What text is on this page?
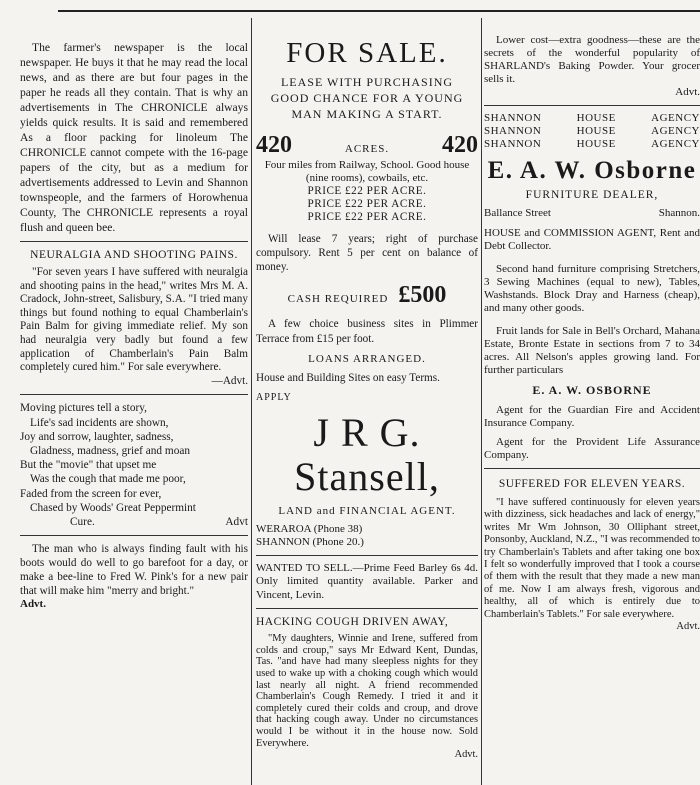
The farmer's newspaper is the local newspaper. He buys it that he may read the local news, and as there are but four pages in the paper he reads all they contain. That is why an advertisements in The CHRONICLE always yields quick results. It is said and remembered As a floor packing for linoleum The CHRONICLE cannot compete with the 16-page papers of the city, but as a medium for advertisements addressed to Levin and Shannon townspeople, and the farmers of Horowhenua County, The CHRONICLE represents a royal flush and queen bee.

NEURALGIA AND SHOOTING PAINS.

"For seven years I have suffered with neuralgia and shooting pains in the head," writes Mrs M. A. Cradock, John-street, Salisbury, S.A. "I tried many things but found nothing to equal Chamberlain's Pain Balm for giving immediate relief. My son had neuralgia very badly but found a few application of Chamberlain's Pain Balm completely cured him." For sale everywhere.

—Advt.

Moving pictures tell a story,

Life's sad incidents are shown,

Joy and sorrow, laughter, sadness,

Gladness, madness, grief and moan

But the "movie" that upset me

Was the cough that made me poor,

Faded from the screen for ever,

Chased by Woods' Great Peppermint

Cure.	Advt

The man who is always finding fault with his boots would do well to go barefoot for a day, or make a bee-line to Fred W. Pink's for a new pair that will make him "merry and bright."

Advt.

FOR SALE.

LEASE WITH PURCHASING

GOOD CHANCE FOR A YOUNG

MAN MAKING A START.

420	ACRES. 420

Four miles from Railway, School. Good house (nine rooms), cowbails, etc.

PRICE £22 PER ACRE.

PRICE £22 PER ACRE.

PRICE £22 PER ACRE.

Will lease 7 years; right of purchase compulsory. Rent 5 per cent on balance of money.

CASH REQUIRED £500

A few choice business sites in Plimmer Terrace from £15 per foot.

LOANS ARRANGED.

House and Building Sites on easy Terms.

APPLY

J R G. Stansell,

LAND and FINANCIAL AGENT.

WERAROA (Phone 38)

SHANNON (Phone 20.)

WANTED TO SELL.—Prime Feed Barley 6s 4d. Only limited quantity available. Parker and Vincent, Levin.

HACKING COUGH DRIVEN AWAY,

"My daughters, Winnie and Irene, suffered from colds and croup," says Mr Edward Kent, Dundas, Tas. "and have had many sleepless nights for they used to wake up with a choking cough which would last nearly all night. A friend recommended Chamberlain's Cough Remedy. I tried it and it completely cured their colds and croup, and drove that hacking cough away. Under no circumstances would I be without it in the house now. Sold Everywhere.

Advt.

Lower cost—extra goodness—these are the secrets of the wonderful popularity of SHARLAND's Baking Powder. Your grocer sells it.

Advt.

SHANNON	HOUSE	AGENCY
SHANNON	HOUSE	AGENCY
SHANNON	HOUSE	AGENCY

E. A. W. Osborne

FURNITURE DEALER,

Ballance Street	Shannon.

HOUSE and COMMISSION AGENT, Rent and Debt Collector.

Second hand furniture comprising Stretchers, 3 Sewing Machines (equal to new), Tables, Washstands. Block Dray and Harness (cheap), and many other goods.

Fruit lands for Sale in Bell's Orchard, Mahana Estate, Bronte Estate in sections from 7 to 34 acres. All Nelson's apples growing land. For further particulars

E. A. W. OSBORNE

Agent for the Guardian Fire and Accident Insurance Company.

Agent for the Provident Life Assurance Company.

SUFFERED FOR ELEVEN YEARS.

"I have suffered continuously for eleven years with dizziness, sick headaches and lack of energy," writes Mr Wm Johnson, 30 Olliphant street, Ponsonby, Auckland, N.Z., "I was recommended to try Chamberlain's Tablets and after taking one box I felt so wonderfully improved that I took a course of them with the result that they made a new man of me. Now I am always fresh, vigorous and healthy, all of which is entirely due to Chamberlain's Tablets." For sale everywhere.

Advt.
